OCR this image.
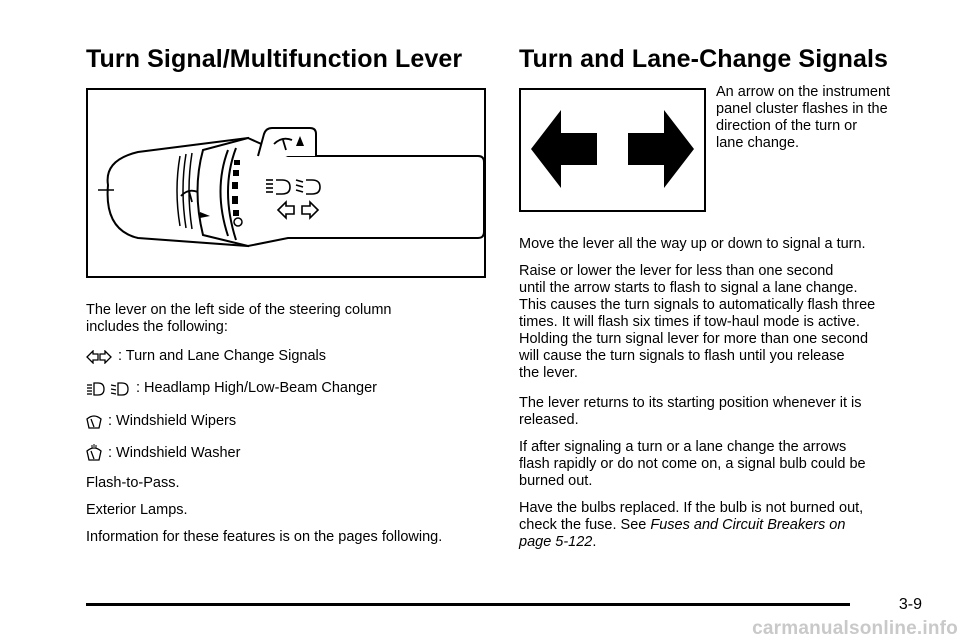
Turn Signal/Multifunction Lever

The lever on the left side of the steering column
includes the following:

: Turn and Lane Change Signals
: Headlamp High/Low-Beam Changer
: Windshield Wipers
: Windshield Washer

Flash-to-Pass.

Exterior Lamps.

Information for these features is on the pages following.

Turn and Lane-Change Signals

An arrow on the instrument
panel cluster flashes in the
direction of the turn or
lane change.

Move the lever all the way up or down to signal a turn.

Raise or lower the lever for less than one second
until the arrow starts to flash to signal a lane change.
This causes the turn signals to automatically flash three
times. It will flash six times if tow-haul mode is active.
Holding the turn signal lever for more than one second
will cause the turn signals to flash until you release
the lever.

The lever returns to its starting position whenever it is
released.

If after signaling a turn or a lane change the arrows
flash rapidly or do not come on, a signal bulb could be
burned out.

Have the bulbs replaced. If the bulb is not burned out,
check the fuse. See Fuses and Circuit Breakers on
page 5-122.

3-9
carmanualsonline.info
